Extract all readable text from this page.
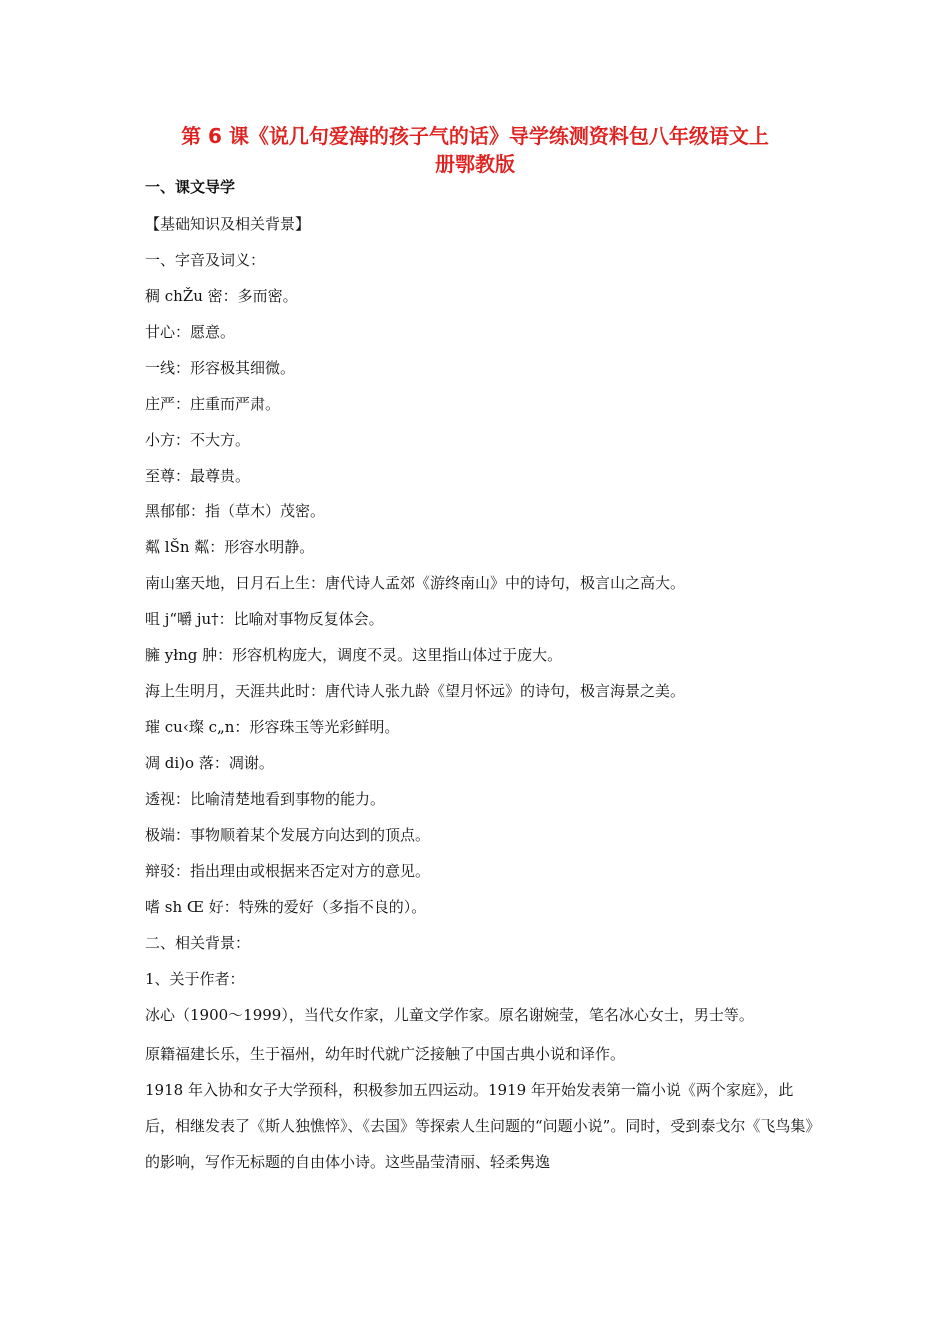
第 6 课《说几句爱海的孩子气的话》导学练测资料包八年级语文上
册鄂教版
一、课文导学
【基础知识及相关背景】
一、字音及词义：
稠 chŽu 密：多而密。
甘心：愿意。
一线：形容极其细微。
庄严：庄重而严肃。
小方：不大方。
至尊：最尊贵。
黑郁郁：指（草木）茂密。
粼 lŠn 粼：形容水明静。
南山塞天地，日月石上生：唐代诗人孟郊《游终南山》中的诗句，极言山之高大。
咀 j“嚼 ju†：比喻对事物反复体会。
臃 yłng 肿：形容机构庞大，调度不灵。这里指山体过于庞大。
海上生明月，天涯共此时：唐代诗人张九龄《望月怀远》的诗句，极言海景之美。
璀 cu‹璨 c„n：形容珠玉等光彩鲜明。
凋 di)o 落：凋谢。
透视：比喻清楚地看到事物的能力。
极端：事物顺着某个发展方向达到的顶点。
辩驳：指出理由或根据来否定对方的意见。
嗜 sh Œ 好：特殊的爱好（多指不良的）。
二、相关背景：
1、关于作者：
冰心（1900～1999），当代女作家，儿童文学作家。原名谢婉莹，笔名冰心女士，男士等。
原籍福建长乐，生于福州，幼年时代就广泛接触了中国古典小说和译作。
1918 年入协和女子大学预科，积极参加五四运动。1919 年开始发表第一篇小说《两个家庭》，此后，相继发表了《斯人独憔悴》、《去国》等探索人生问题的“问题小说”。同时，受到泰戈尔《飞鸟集》的影响，写作无标题的自由体小诗。这些晶莹清丽、轻柔隽逸
